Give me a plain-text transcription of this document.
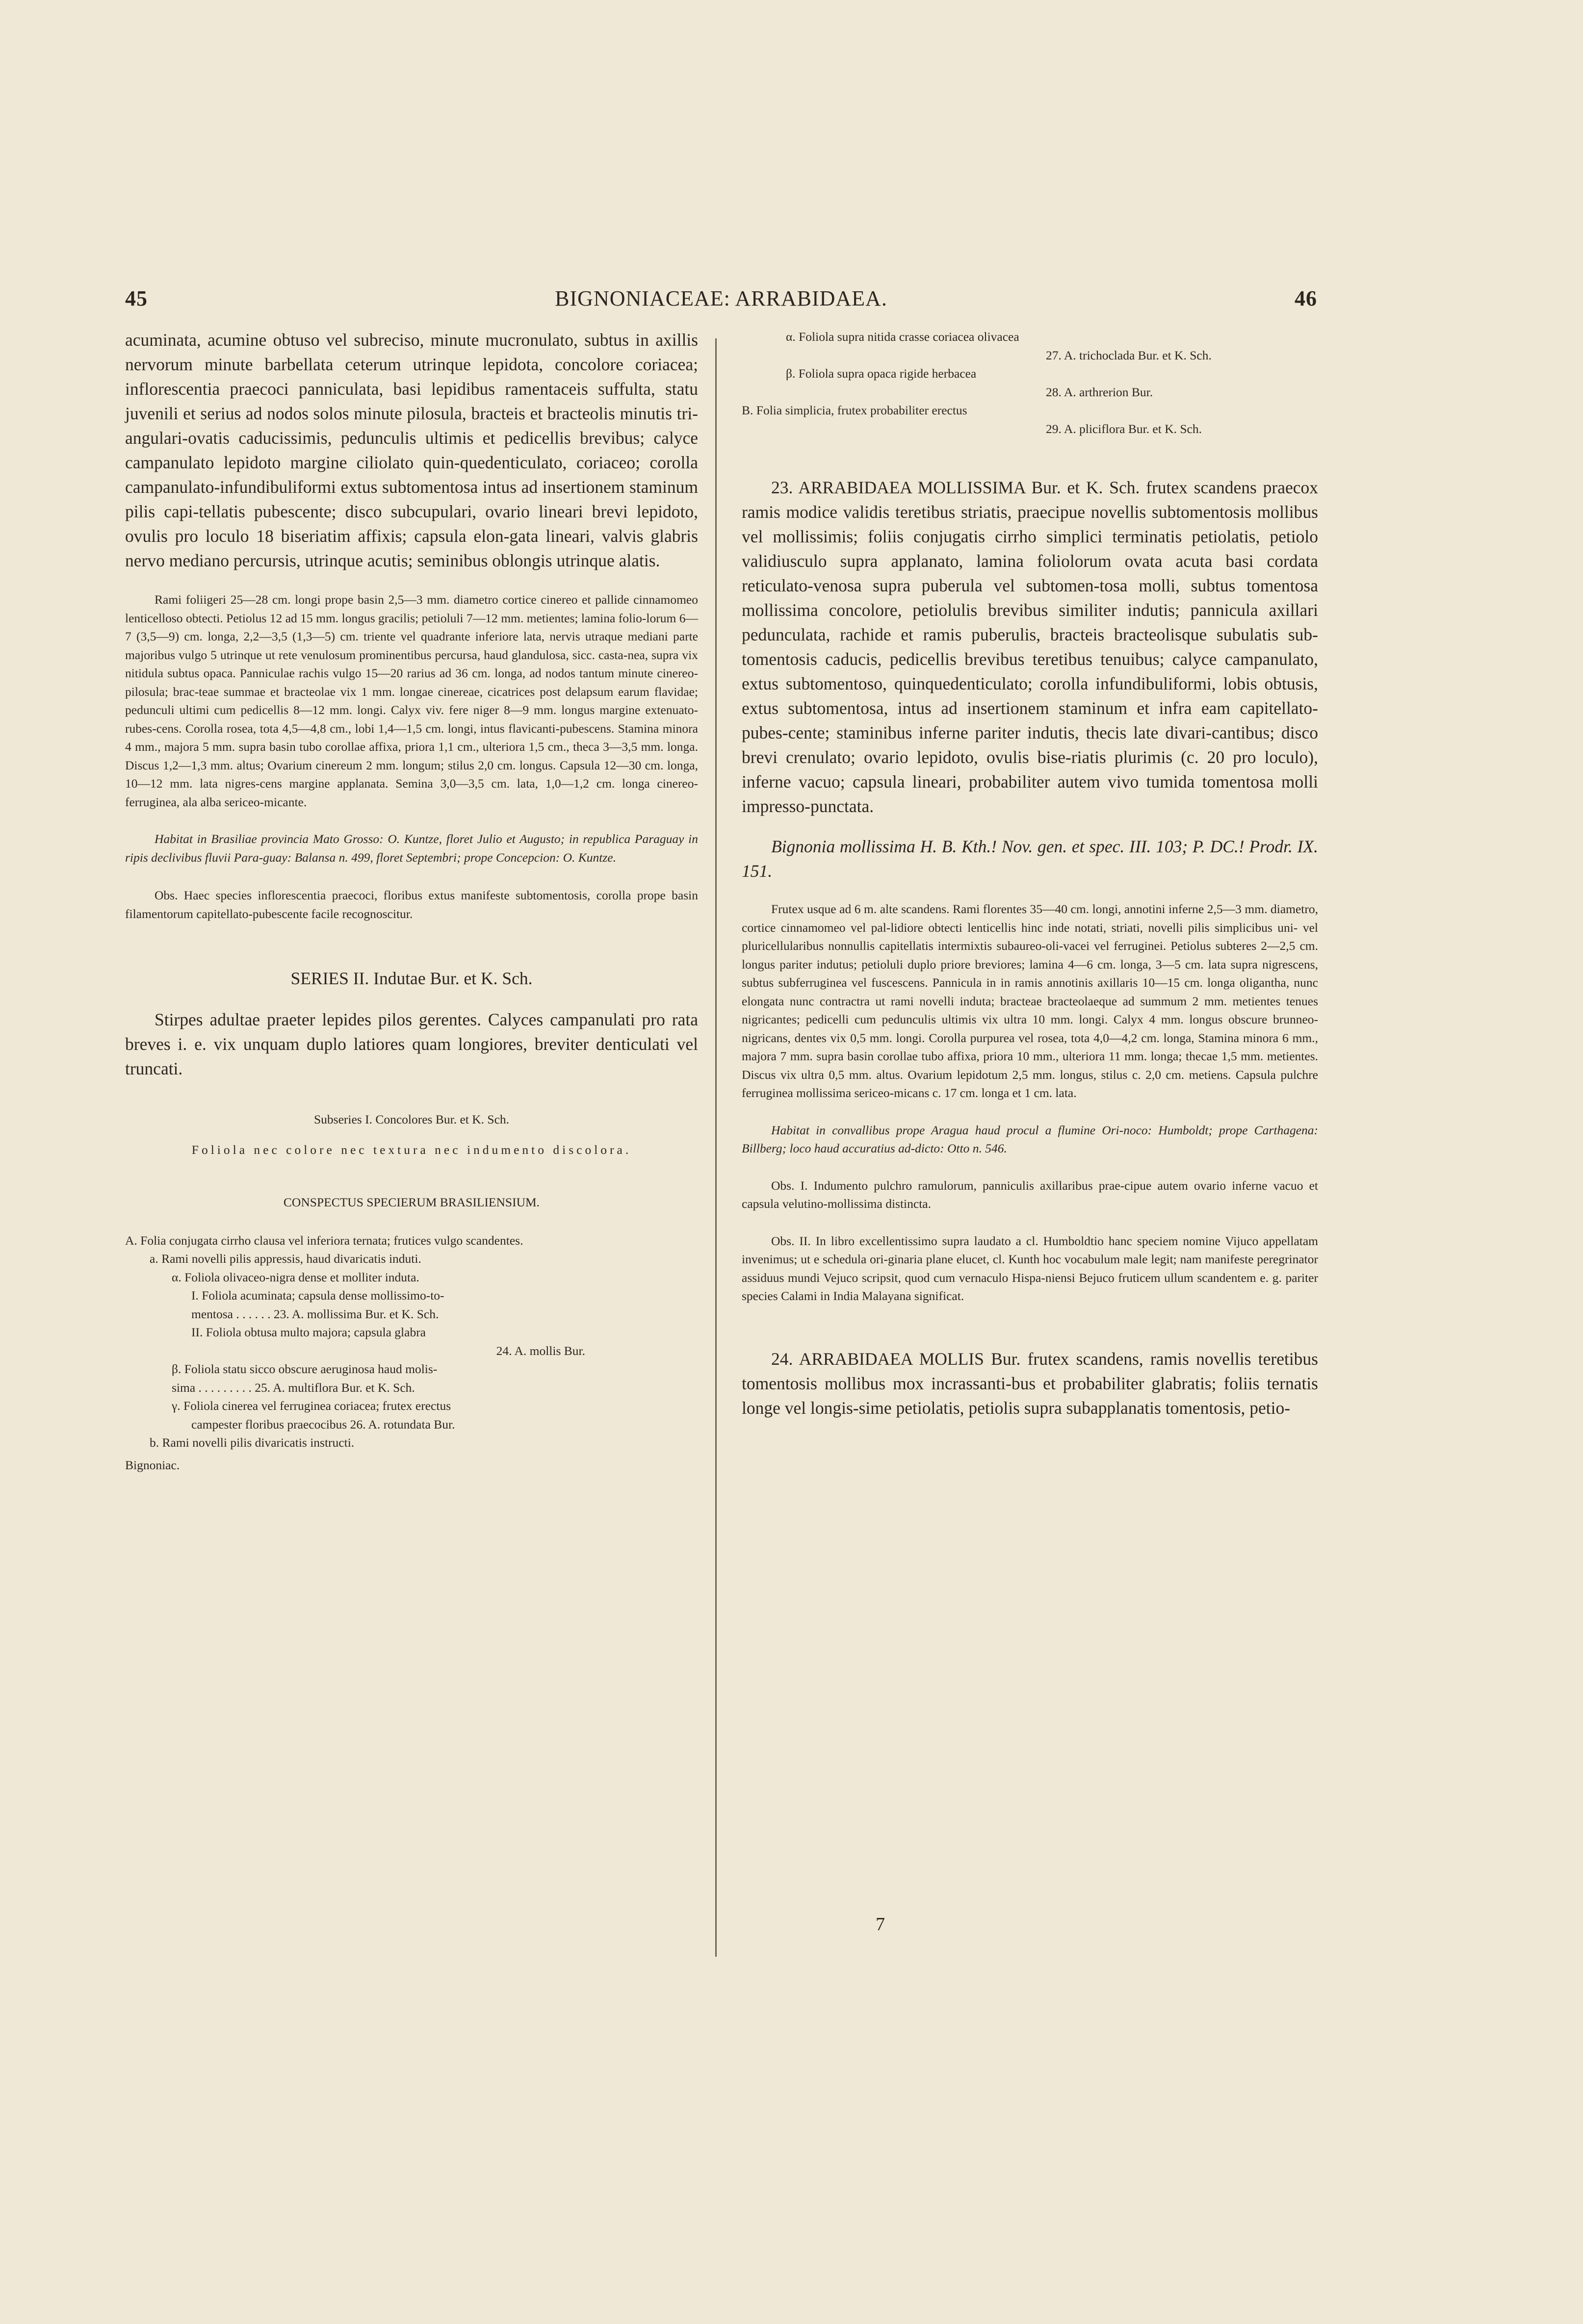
45	BIGNONIACEAE: ARRABIDAEA.	46

acuminata, acumine obtuso vel subreciso, minute mucronulato, subtus in axillis nervorum minute barbellata ceterum utrinque lepidota, concolore coriacea; inflorescentia praecoci panniculata, basi lepidibus ramentaceis suffulta, statu juvenili et serius ad nodos solos minute pilosula, bracteis et bracteolis minutis tri-angulari-ovatis caducissimis, pedunculis ultimis et pedicellis brevibus; calyce campanulato lepidoto margine ciliolato quin-quedenticulato, coriaceo; corolla campanulato-infundibuliformi extus subtomentosa intus ad insertionem staminum pilis capi-tellatis pubescente; disco subcupulari, ovario lineari brevi lepidoto, ovulis pro loculo 18 biseriatim affixis; capsula elon-gata lineari, valvis glabris nervo mediano percursis, utrinque acutis; seminibus oblongis utrinque alatis.

Rami foliigeri 25—28 cm. longi prope basin 2,5—3 mm. diametro cortice cinereo et pallide cinnamomeo lenticelloso obtecti. Petiolus 12 ad 15 mm. longus gracilis; petioluli 7—12 mm. metientes; lamina folio-lorum 6—7 (3,5—9) cm. longa, 2,2—3,5 (1,3—5) cm. triente vel quadrante inferiore lata, nervis utraque mediani parte majoribus vulgo 5 utrinque ut rete venulosum prominentibus percursa, haud glandulosa, sicc. casta-nea, supra vix nitidula subtus opaca. Panniculae rachis vulgo 15—20 rarius ad 36 cm. longa, ad nodos tantum minute cinereo-pilosula; brac-teae summae et bracteolae vix 1 mm. longae cinereae, cicatrices post delapsum earum flavidae; pedunculi ultimi cum pedicellis 8—12 mm. longi. Calyx viv. fere niger 8—9 mm. longus margine extenuato-rubes-cens. Corolla rosea, tota 4,5—4,8 cm., lobi 1,4—1,5 cm. longi, intus flavicanti-pubescens. Stamina minora 4 mm., majora 5 mm. supra basin tubo corollae affixa, priora 1,1 cm., ulteriora 1,5 cm., theca 3—3,5 mm. longa. Discus 1,2—1,3 mm. altus; Ovarium cinereum 2 mm. longum; stilus 2,0 cm. longus. Capsula 12—30 cm. longa, 10—12 mm. lata nigres-cens margine applanata. Semina 3,0—3,5 cm. lata, 1,0—1,2 cm. longa cinereo-ferruginea, ala alba sericeo-micante.

Habitat in Brasiliae provincia Mato Grosso: O. Kuntze, floret Julio et Augusto; in republica Paraguay in ripis declivibus fluvii Para-guay: Balansa n. 499, floret Septembri; prope Concepcion: O. Kuntze.

Obs. Haec species inflorescentia praecoci, floribus extus manifeste subtomentosis, corolla prope basin filamentorum capitellato-pubescente facile recognoscitur.

SERIES II. Indutae Bur. et K. Sch.

Stirpes adultae praeter lepides pilos gerentes. Calyces campanulati pro rata breves i. e. vix unquam duplo latiores quam longiores, breviter denticulati vel truncati.

Subseries I. Concolores Bur. et K. Sch.

Foliola nec colore nec textura nec indumento discolora.

CONSPECTUS SPECIERUM BRASILIENSIUM.

A. Folia conjugata cirrho clausa vel inferiora ternata; frutices vulgo scandentes.

a. Rami novelli pilis appressis, haud divaricatis induti.

α. Foliola olivaceo-nigra dense et molliter induta.

I. Foliola acuminata; capsula dense mollissimo-to-

mentosa . . . . . . 23. A. mollissima Bur. et K. Sch.

II. Foliola obtusa multo majora; capsula glabra

24. A. mollis Bur.

β. Foliola statu sicco obscure aeruginosa haud molis-

sima . . . . . . . . . 25. A. multiflora Bur. et K. Sch.

γ. Foliola cinerea vel ferruginea coriacea; frutex erectus

campester floribus praecocibus 26. A. rotundata Bur.

b. Rami novelli pilis divaricatis instructi.

Bignoniac.

α. Foliola supra nitida crasse coriacea olivacea

27. A. trichoclada Bur. et K. Sch.

β. Foliola supra opaca rigide herbacea

28. A. arthrerion Bur.

B. Folia simplicia, frutex probabiliter erectus

29. A. pliciflora Bur. et K. Sch.

23. ARRABIDAEA MOLLISSIMA Bur. et K. Sch. frutex scandens praecox ramis modice validis teretibus striatis, praecipue novellis subtomentosis mollibus vel mollissimis; foliis conjugatis cirrho simplici terminatis petiolatis, petiolo validiusculo supra applanato, lamina foliolorum ovata acuta basi cordata reticulato-venosa supra puberula vel subtomen-tosa molli, subtus tomentosa mollissima concolore, petiolulis brevibus similiter indutis; pannicula axillari pedunculata, rachide et ramis puberulis, bracteis bracteolisque subulatis sub-tomentosis caducis, pedicellis brevibus teretibus tenuibus; calyce campanulato, extus subtomentoso, quinquedenticulato; corolla infundibuliformi, lobis obtusis, extus subtomentosa, intus ad insertionem staminum et infra eam capitellato-pubes-cente; staminibus inferne pariter indutis, thecis late divari-cantibus; disco brevi crenulato; ovario lepidoto, ovulis bise-riatis plurimis (c. 20 pro loculo), inferne vacuo; capsula lineari, probabiliter autem vivo tumida tomentosa molli impresso-punctata.

Bignonia mollissima H. B. Kth.! Nov. gen. et spec. III. 103; P. DC.! Prodr. IX. 151.

Frutex usque ad 6 m. alte scandens. Rami florentes 35—40 cm. longi, annotini inferne 2,5—3 mm. diametro, cortice cinnamomeo vel pal-lidiore obtecti lenticellis hinc inde notati, striati, novelli pilis simplicibus uni- vel pluricellularibus nonnullis capitellatis intermixtis subaureo-oli-vacei vel ferruginei. Petiolus subteres 2—2,5 cm. longus pariter indutus; petioluli duplo priore breviores; lamina 4—6 cm. longa, 3—5 cm. lata supra nigrescens, subtus subferruginea vel fuscescens. Pannicula in in ramis annotinis axillaris 10—15 cm. longa oligantha, nunc elongata nunc contractra ut rami novelli induta; bracteae bracteolaeque ad summum 2 mm. metientes tenues nigricantes; pedicelli cum pedunculis ultimis vix ultra 10 mm. longi. Calyx 4 mm. longus obscure brunneo-nigricans, dentes vix 0,5 mm. longi. Corolla purpurea vel rosea, tota 4,0—4,2 cm. longa, Stamina minora 6 mm., majora 7 mm. supra basin corollae tubo affixa, priora 10 mm., ulteriora 11 mm. longa; thecae 1,5 mm. metientes. Discus vix ultra 0,5 mm. altus. Ovarium lepidotum 2,5 mm. longus, stilus c. 2,0 cm. metiens. Capsula pulchre ferruginea mollissima sericeo-micans c. 17 cm. longa et 1 cm. lata.

Habitat in convallibus prope Aragua haud procul a flumine Ori-noco: Humboldt; prope Carthagena: Billberg; loco haud accuratius ad-dicto: Otto n. 546.

Obs. I. Indumento pulchro ramulorum, panniculis axillaribus prae-cipue autem ovario inferne vacuo et capsula velutino-mollissima distincta.

Obs. II. In libro excellentissimo supra laudato a cl. Humboldtio hanc speciem nomine Vijuco appellatam invenimus; ut e schedula ori-ginaria plane elucet, cl. Kunth hoc vocabulum male legit; nam manifeste peregrinator assiduus mundi Vejuco scripsit, quod cum vernaculo Hispa-niensi Bejuco fruticem ullum scandentem e. g. pariter species Calami in India Malayana significat.

24. ARRABIDAEA MOLLIS Bur. frutex scandens, ramis novellis teretibus tomentosis mollibus mox incrassanti-bus et probabiliter glabratis; foliis ternatis longe vel longis-sime petiolatis, petiolis supra subapplanatis tomentosis, petio-

7
